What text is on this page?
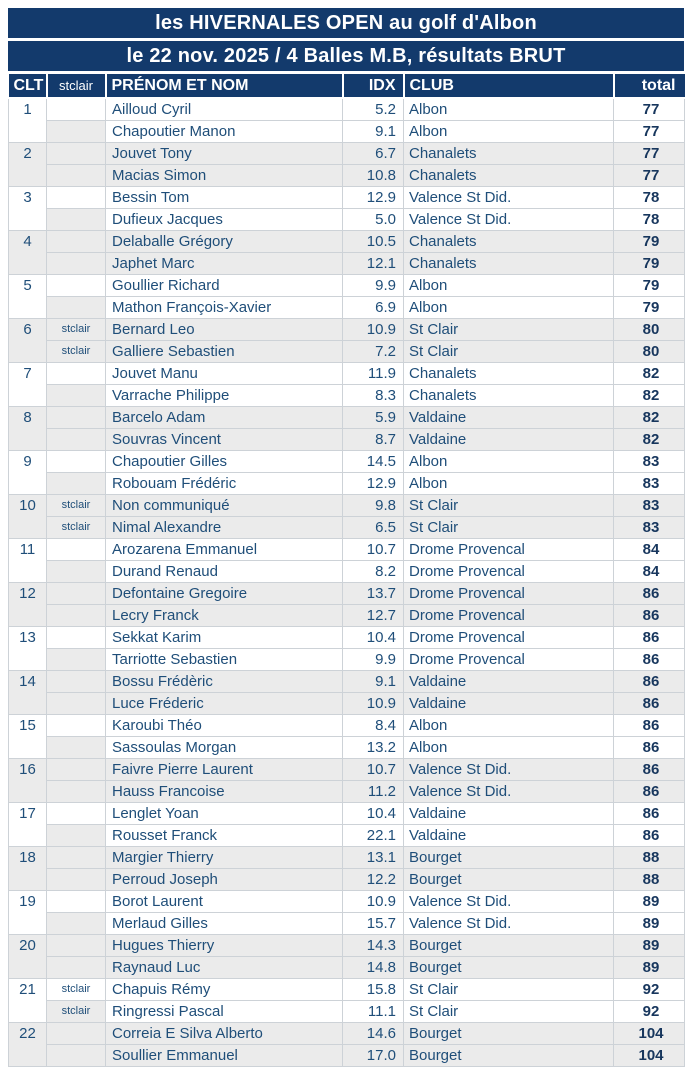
les HIVERNALES OPEN au golf d'Albon
le 22 nov. 2025 / 4 Balles M.B, résultats BRUT
CLT	stclair	PRÉNOM ET NOM	IDX	CLUB	total
1		Ailloud Cyril	5.2	Albon	77
		Chapoutier Manon	9.1	Albon	77
2		Jouvet Tony	6.7	Chanalets	77
		Macias Simon	10.8	Chanalets	77
3		Bessin Tom	12.9	Valence St Did.	78
		Dufieux Jacques	5.0	Valence St Did.	78
4		Delaballe Grégory	10.5	Chanalets	79
		Japhet Marc	12.1	Chanalets	79
5		Goullier Richard	9.9	Albon	79
		Mathon François-Xavier	6.9	Albon	79
6	stclair	Bernard Leo	10.9	St Clair	80
	stclair	Galliere Sebastien	7.2	St Clair	80
7		Jouvet Manu	11.9	Chanalets	82
		Varrache Philippe	8.3	Chanalets	82
8		Barcelo Adam	5.9	Valdaine	82
		Souvras Vincent	8.7	Valdaine	82
9		Chapoutier Gilles	14.5	Albon	83
		Robouam Frédéric	12.9	Albon	83
10	stclair	Non communiqué	9.8	St Clair	83
	stclair	Nimal Alexandre	6.5	St Clair	83
11		Arozarena Emmanuel	10.7	Drome Provencal	84
		Durand Renaud	8.2	Drome Provencal	84
12		Defontaine Gregoire	13.7	Drome Provencal	86
		Lecry Franck	12.7	Drome Provencal	86
13		Sekkat Karim	10.4	Drome Provencal	86
		Tarriotte Sebastien	9.9	Drome Provencal	86
14		Bossu Frédèric	9.1	Valdaine	86
		Luce Fréderic	10.9	Valdaine	86
15		Karoubi Théo	8.4	Albon	86
		Sassoulas Morgan	13.2	Albon	86
16		Faivre Pierre Laurent	10.7	Valence St Did.	86
		Hauss Francoise	11.2	Valence St Did.	86
17		Lenglet Yoan	10.4	Valdaine	86
		Rousset Franck	22.1	Valdaine	86
18		Margier Thierry	13.1	Bourget	88
		Perroud Joseph	12.2	Bourget	88
19		Borot Laurent	10.9	Valence St Did.	89
		Merlaud Gilles	15.7	Valence St Did.	89
20		Hugues Thierry	14.3	Bourget	89
		Raynaud Luc	14.8	Bourget	89
21	stclair	Chapuis Rémy	15.8	St Clair	92
	stclair	Ringressi Pascal	11.1	St Clair	92
22		Correia E Silva Alberto	14.6	Bourget	104
		Soullier Emmanuel	17.0	Bourget	104
